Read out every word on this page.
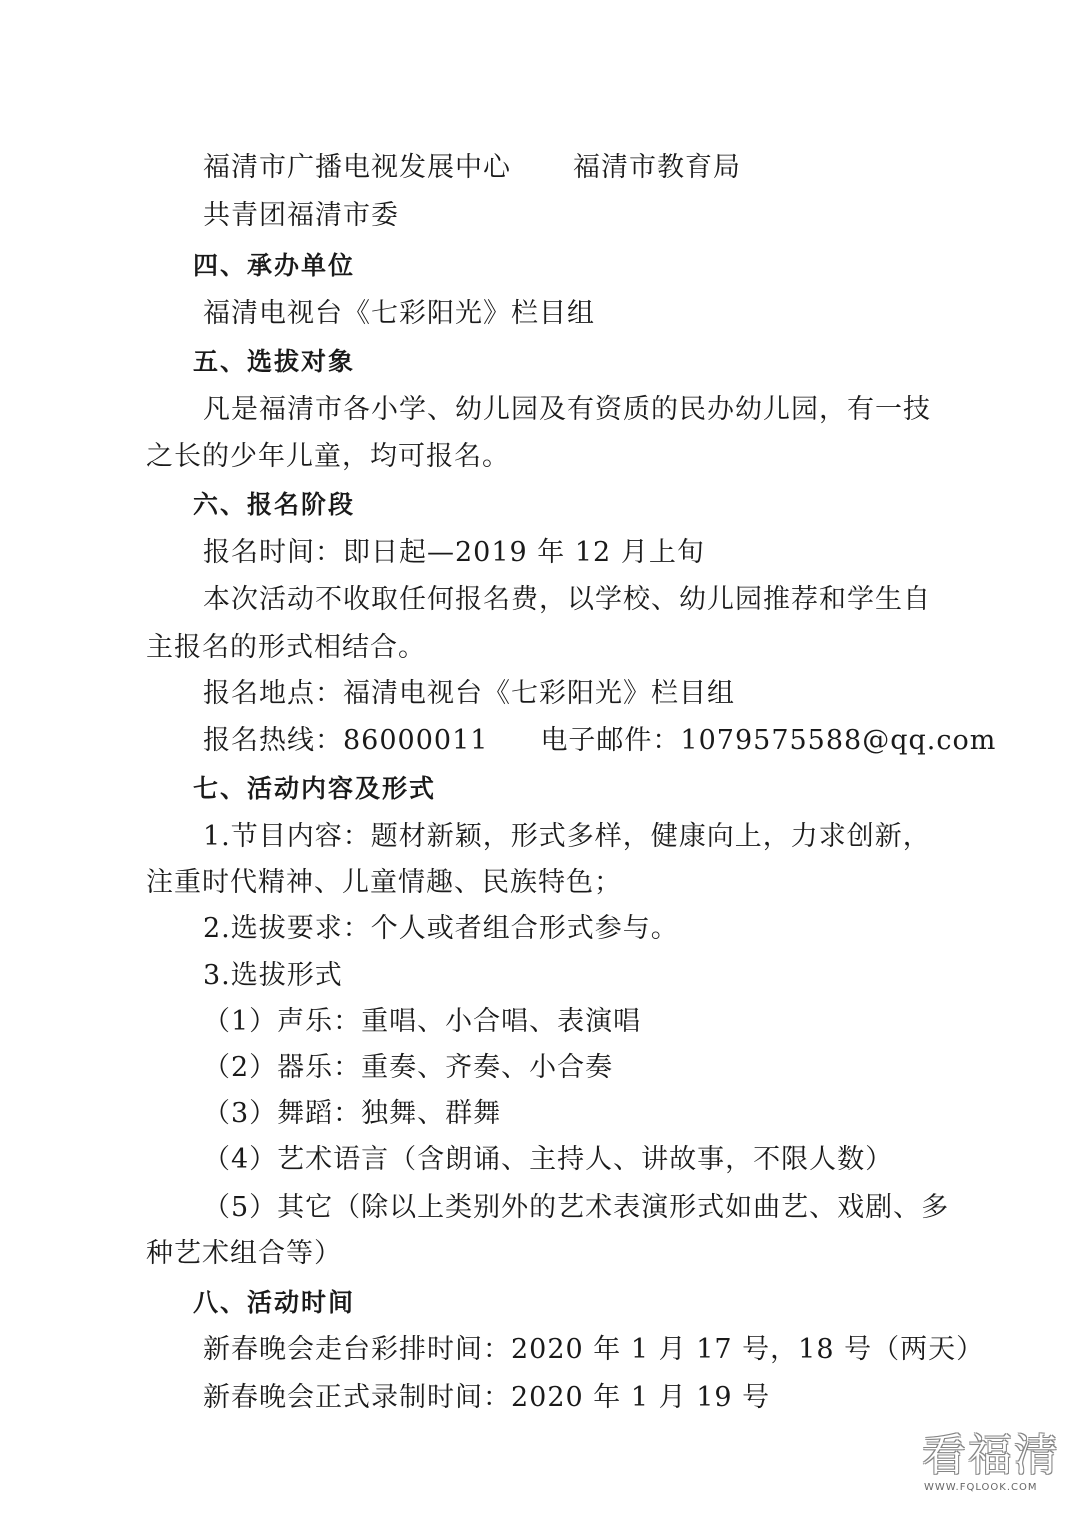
福清市广播电视发展中心 福清市教育局
共青团福清市委
四、承办单位
福清电视台《七彩阳光》栏目组
五、选拔对象
凡是福清市各小学、幼儿园及有资质的民办幼儿园，有一技
之长的少年儿童，均可报名。
六、报名阶段
报名时间：即日起—2019 年 12 月上旬
本次活动不收取任何报名费，以学校、幼儿园推荐和学生自
主报名的形式相结合。
报名地点：福清电视台《七彩阳光》栏目组
报名热线：86000011 电子邮件：1079575588@qq.com
七、活动内容及形式
1.节目内容：题材新颖，形式多样，健康向上，力求创新，
注重时代精神、儿童情趣、民族特色；
2.选拔要求：个人或者组合形式参与。
3.选拔形式
（1）声乐：重唱、小合唱、表演唱
（2）器乐：重奏、齐奏、小合奏
（3）舞蹈：独舞、群舞
（4）艺术语言（含朗诵、主持人、讲故事，不限人数）
（5）其它（除以上类别外的艺术表演形式如曲艺、戏剧、多
种艺术组合等）
八、活动时间
新春晚会走台彩排时间：2020 年 1 月 17 号，18 号（两天）
新春晚会正式录制时间：2020 年 1 月 19 号
看福清
WWW.FQLOOK.COM
